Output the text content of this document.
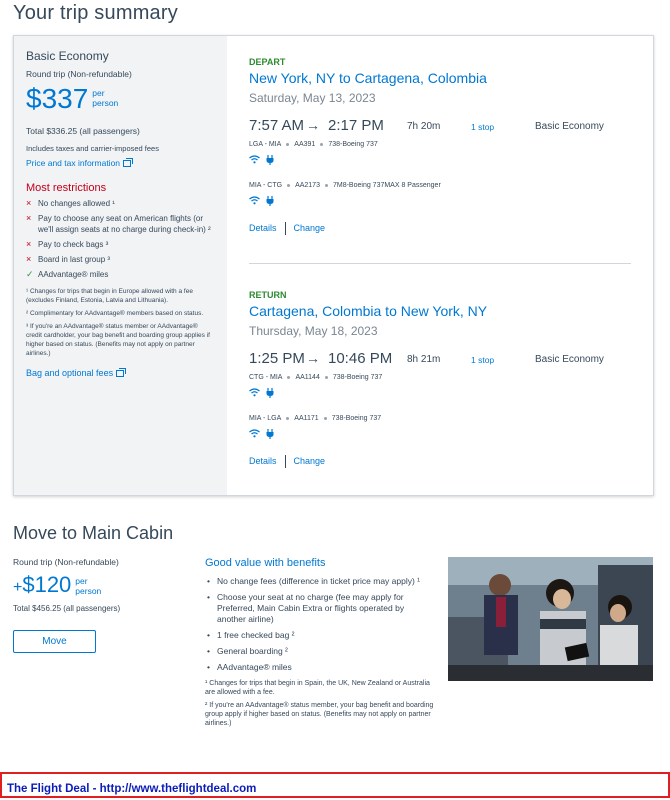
Your trip summary
Basic Economy
Round trip (Non-refundable)
$337 per
person
Total $336.25 (all passengers)
Includes taxes and carrier-imposed fees
Price and tax information
Most restrictions
× No changes allowed ¹
× Pay to choose any seat on American flights (or we'll assign seats at no charge during check-in) ²
× Pay to check bags ³
× Board in last group ³
✓ AAdvantage® miles

¹ Changes for trips that begin in Europe allowed with a fee (excludes Finland, Estonia, Latvia and Lithuania).

² Complimentary for AAdvantage® members based on status.

³ If you're an AAdvantage® status member or AAdvantage® credit cardholder, your bag benefit and boarding group applies if higher based on status. (Benefits may not apply on partner airlines.)

Bag and optional fees
DEPART
New York, NY to Cartagena, Colombia
Saturday, May 13, 2023
7:57 AM → 2:17 PM 7h 20m	1 stop	Basic Economy
LGA - MIA AA391 738-Boeing 737
MIA - CTG AA2173 7M8-Boeing 737MAX 8 Passenger
Details Change
RETURN
Cartagena, Colombia to New York, NY
Thursday, May 18, 2023
1:25 PM → 10:46 PM 8h 21m	1 stop	Basic Economy
CTG - MIA AA1144 738-Boeing 737
MIA - LGA AA1171 738-Boeing 737
Details Change
Move to Main Cabin
Round trip (Non-refundable)
+ $120 per
person
Total $456.25 (all passengers)
Move
Good value with benefits
• No change fees (difference in ticket price may apply) ¹
• Choose your seat at no charge (fee may apply for Preferred, Main Cabin Extra or flights operated by another airline)
• 1 free checked bag ²
• General boarding ²
• AAdvantage® miles

¹ Changes for trips that begin in Spain, the UK, New Zealand or Australia are allowed with a fee.

² If you're an AAdvantage® status member, your bag benefit and boarding group apply if higher based on status. (Benefits may not apply on partner airlines.)

The Flight Deal - http://www.theflightdeal.com
